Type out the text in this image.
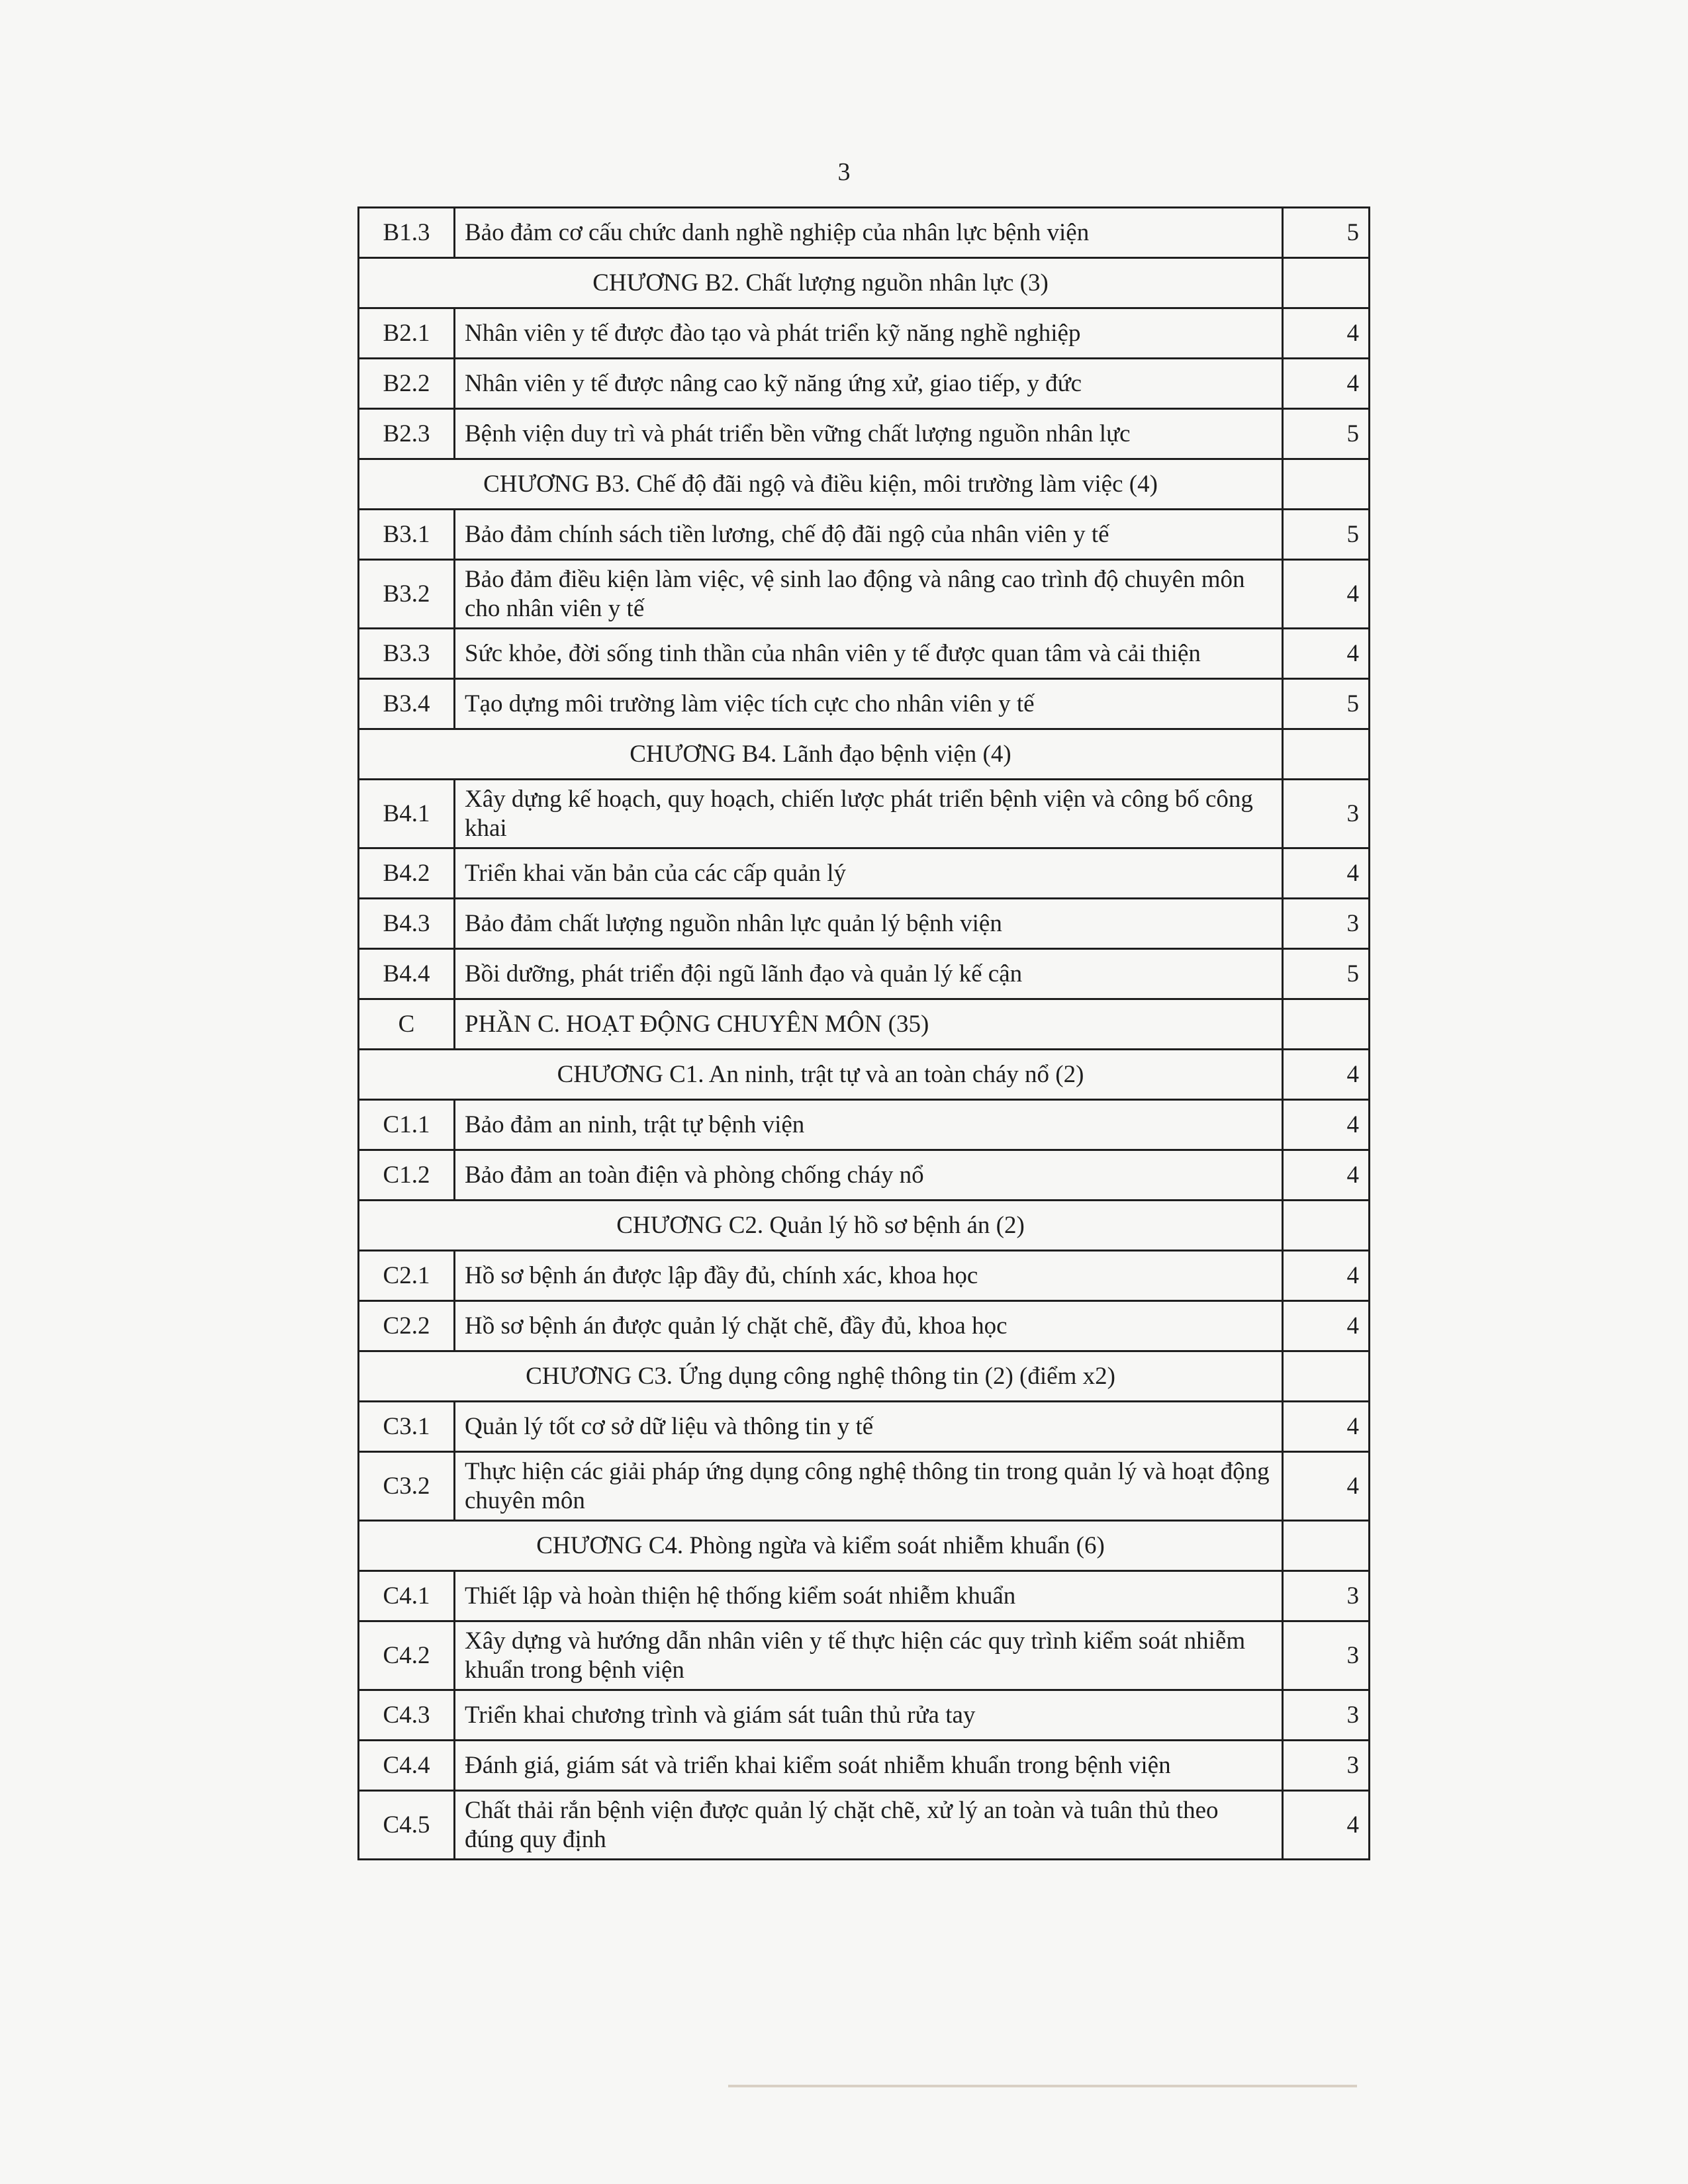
3
B1.3	Bảo đảm cơ cấu chức danh nghề nghiệp của nhân lực bệnh viện	5
CHƯƠNG B2. Chất lượng nguồn nhân lực (3)		
B2.1	Nhân viên y tế được đào tạo và phát triển kỹ năng nghề nghiệp	4
B2.2	Nhân viên y tế được nâng cao kỹ năng ứng xử, giao tiếp, y đức	4
B2.3	Bệnh viện duy trì và phát triển bền vững chất lượng nguồn nhân lực	5
CHƯƠNG B3. Chế độ đãi ngộ và điều kiện, môi trường làm việc (4)		
B3.1	Bảo đảm chính sách tiền lương, chế độ đãi ngộ của nhân viên y tế	5
B3.2	Bảo đảm điều kiện làm việc, vệ sinh lao động và nâng cao trình độ chuyên môn cho nhân viên y tế	4
B3.3	Sức khỏe, đời sống tinh thần của nhân viên y tế được quan tâm và cải thiện	4
B3.4	Tạo dựng môi trường làm việc tích cực cho nhân viên y tế	5
CHƯƠNG B4. Lãnh đạo bệnh viện (4)		
B4.1	Xây dựng kế hoạch, quy hoạch, chiến lược phát triển bệnh viện và công bố công khai	3
B4.2	Triển khai văn bản của các cấp quản lý	4
B4.3	Bảo đảm chất lượng nguồn nhân lực quản lý bệnh viện	3
B4.4	Bồi dưỡng, phát triển đội ngũ lãnh đạo và quản lý kế cận	5
C	PHẦN C. HOẠT ĐỘNG CHUYÊN MÔN (35)	
CHƯƠNG C1. An ninh, trật tự và an toàn cháy nổ (2)		4
C1.1	Bảo đảm an ninh, trật tự bệnh viện	4
C1.2	Bảo đảm an toàn điện và phòng chống cháy nổ	4
CHƯƠNG C2. Quản lý hồ sơ bệnh án (2)		
C2.1	Hồ sơ bệnh án được lập đầy đủ, chính xác, khoa học	4
C2.2	Hồ sơ bệnh án được quản lý chặt chẽ, đầy đủ, khoa học	4
CHƯƠNG C3. Ứng dụng công nghệ thông tin (2) (điểm x2)		
C3.1	Quản lý tốt cơ sở dữ liệu và thông tin y tế	4
C3.2	Thực hiện các giải pháp ứng dụng công nghệ thông tin trong quản lý và hoạt động chuyên môn	4
CHƯƠNG C4. Phòng ngừa và kiểm soát nhiễm khuẩn (6)		
C4.1	Thiết lập và hoàn thiện hệ thống kiểm soát nhiễm khuẩn	3
C4.2	Xây dựng và hướng dẫn nhân viên y tế thực hiện các quy trình kiểm soát nhiễm khuẩn trong bệnh viện	3
C4.3	Triển khai chương trình và giám sát tuân thủ rửa tay	3
C4.4	Đánh giá, giám sát và triển khai kiểm soát nhiễm khuẩn trong bệnh viện	3
C4.5	Chất thải rắn bệnh viện được quản lý chặt chẽ, xử lý an toàn và tuân thủ theo đúng quy định	4
